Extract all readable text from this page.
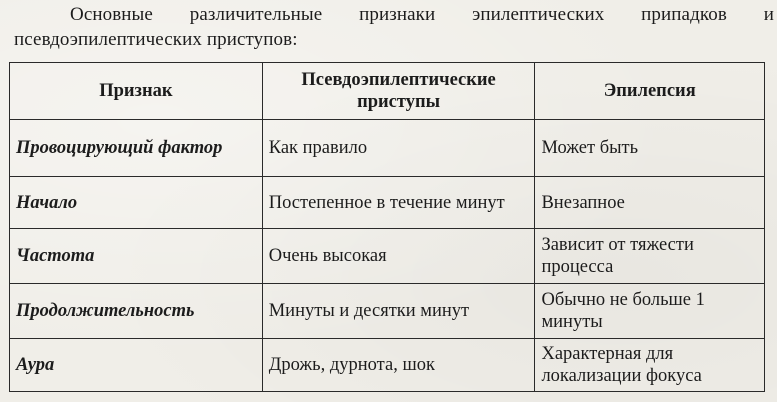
Основные различительные признаки эпилептических припадков и псевдоэпилептических приступов:

Признак	Псевдоэпилептические приступы	Эпилепсия
Провоцирующий фактор	Как правило	Может быть
Начало	Постепенное в течение минут	Внезапное
Частота	Очень высокая	Зависит от тяжести процесса
Продолжительность	Минуты и десятки минут	Обычно не больше 1 минуты
Аура	Дрожь, дурнота, шок	Характерная для локализации фокуса
